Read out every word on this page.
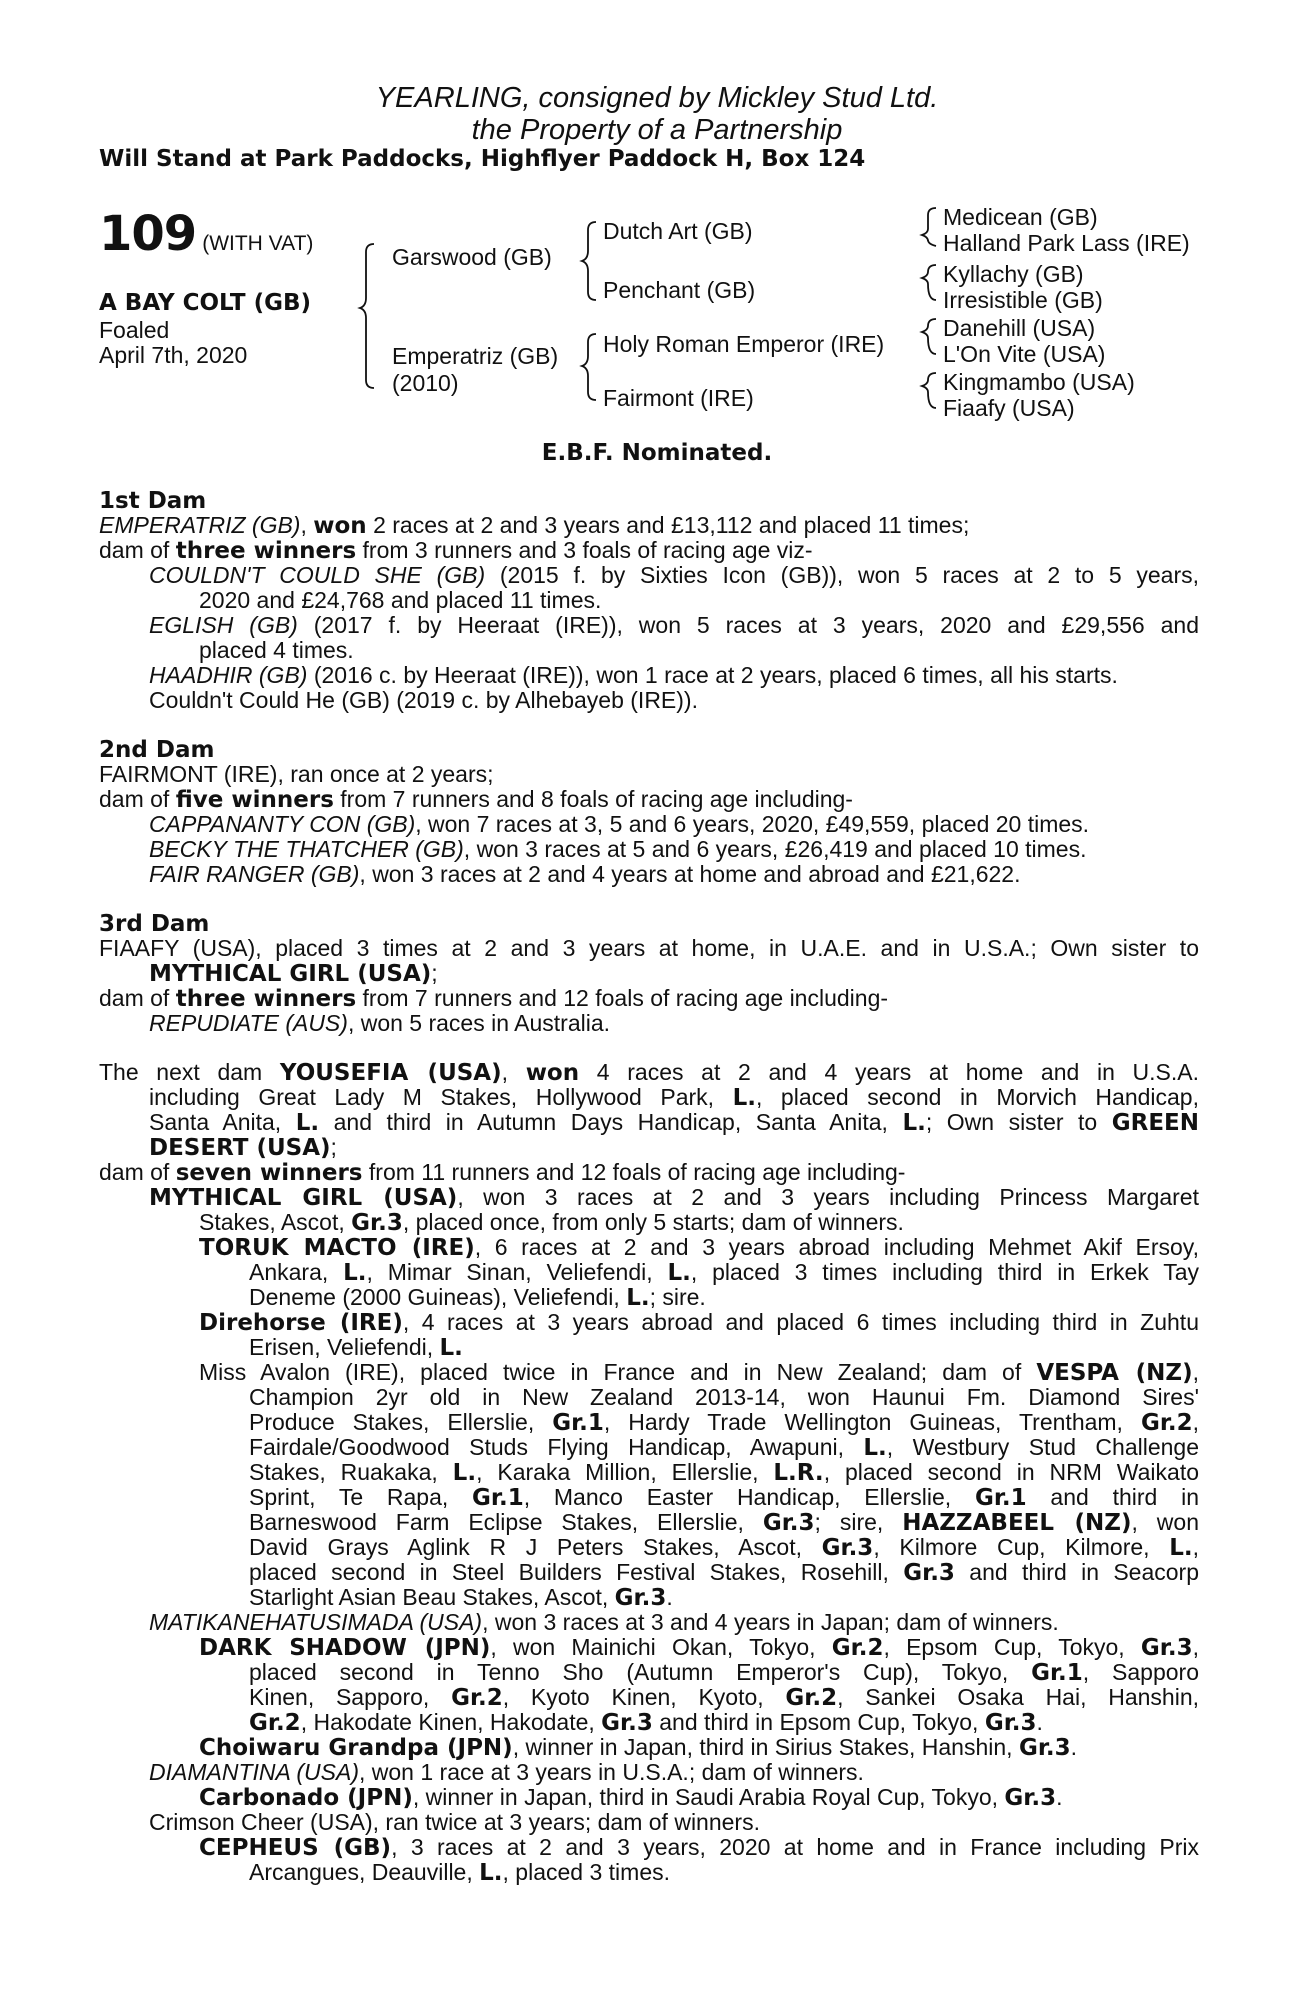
YEARLING, consigned by Mickley Stud Ltd.
the Property of a Partnership
Will Stand at Park Paddocks, Highflyer Paddock H, Box 124
109 (WITH VAT)
A BAY COLT (GB)
Foaled
April 7th, 2020
Garswood (GB)
Emperatriz (GB)
(2010)
Dutch Art (GB)
Penchant (GB)
Holy Roman Emperor (IRE)
Fairmont (IRE)
Medicean (GB)
Halland Park Lass (IRE)
Kyllachy (GB)
Irresistible (GB)
Danehill (USA)
L'On Vite (USA)
Kingmambo (USA)
Fiaafy (USA)
E.B.F. Nominated.
1st Dam
EMPERATRIZ (GB), won 2 races at 2 and 3 years and £13,112 and placed 11 times;
dam of three winners from 3 runners and 3 foals of racing age viz-
COULDN'T COULD SHE (GB) (2015 f. by Sixties Icon (GB)), won 5 races at 2 to 5 years,
2020 and £24,768 and placed 11 times.
EGLISH (GB) (2017 f. by Heeraat (IRE)), won 5 races at 3 years, 2020 and £29,556 and
placed 4 times.
HAADHIR (GB) (2016 c. by Heeraat (IRE)), won 1 race at 2 years, placed 6 times, all his starts.
Couldn't Could He (GB) (2019 c. by Alhebayeb (IRE)).
2nd Dam
FAIRMONT (IRE), ran once at 2 years;
dam of five winners from 7 runners and 8 foals of racing age including-
CAPPANANTY CON (GB), won 7 races at 3, 5 and 6 years, 2020, £49,559, placed 20 times.
BECKY THE THATCHER (GB), won 3 races at 5 and 6 years, £26,419 and placed 10 times.
FAIR RANGER (GB), won 3 races at 2 and 4 years at home and abroad and £21,622.
3rd Dam
FIAAFY (USA), placed 3 times at 2 and 3 years at home, in U.A.E. and in U.S.A.; Own sister to
MYTHICAL GIRL (USA);
dam of three winners from 7 runners and 12 foals of racing age including-
REPUDIATE (AUS), won 5 races in Australia.
The next dam YOUSEFIA (USA), won 4 races at 2 and 4 years at home and in U.S.A.
including Great Lady M Stakes, Hollywood Park, L., placed second in Morvich Handicap,
Santa Anita, L. and third in Autumn Days Handicap, Santa Anita, L.; Own sister to GREEN
DESERT (USA);
dam of seven winners from 11 runners and 12 foals of racing age including-
MYTHICAL GIRL (USA), won 3 races at 2 and 3 years including Princess Margaret
Stakes, Ascot, Gr.3, placed once, from only 5 starts; dam of winners.
TORUK MACTO (IRE), 6 races at 2 and 3 years abroad including Mehmet Akif Ersoy,
Ankara, L., Mimar Sinan, Veliefendi, L., placed 3 times including third in Erkek Tay
Deneme (2000 Guineas), Veliefendi, L.; sire.
Direhorse (IRE), 4 races at 3 years abroad and placed 6 times including third in Zuhtu
Erisen, Veliefendi, L.
Miss Avalon (IRE), placed twice in France and in New Zealand; dam of VESPA (NZ),
Champion 2yr old in New Zealand 2013-14, won Haunui Fm. Diamond Sires'
Produce Stakes, Ellerslie, Gr.1, Hardy Trade Wellington Guineas, Trentham, Gr.2,
Fairdale/Goodwood Studs Flying Handicap, Awapuni, L., Westbury Stud Challenge
Stakes, Ruakaka, L., Karaka Million, Ellerslie, L.R., placed second in NRM Waikato
Sprint, Te Rapa, Gr.1, Manco Easter Handicap, Ellerslie, Gr.1 and third in
Barneswood Farm Eclipse Stakes, Ellerslie, Gr.3; sire, HAZZABEEL (NZ), won
David Grays Aglink R J Peters Stakes, Ascot, Gr.3, Kilmore Cup, Kilmore, L.,
placed second in Steel Builders Festival Stakes, Rosehill, Gr.3 and third in Seacorp
Starlight Asian Beau Stakes, Ascot, Gr.3.
MATIKANEHATUSIMADA (USA), won 3 races at 3 and 4 years in Japan; dam of winners.
DARK SHADOW (JPN), won Mainichi Okan, Tokyo, Gr.2, Epsom Cup, Tokyo, Gr.3,
placed second in Tenno Sho (Autumn Emperor's Cup), Tokyo, Gr.1, Sapporo
Kinen, Sapporo, Gr.2, Kyoto Kinen, Kyoto, Gr.2, Sankei Osaka Hai, Hanshin,
Gr.2, Hakodate Kinen, Hakodate, Gr.3 and third in Epsom Cup, Tokyo, Gr.3.
Choiwaru Grandpa (JPN), winner in Japan, third in Sirius Stakes, Hanshin, Gr.3.
DIAMANTINA (USA), won 1 race at 3 years in U.S.A.; dam of winners.
Carbonado (JPN), winner in Japan, third in Saudi Arabia Royal Cup, Tokyo, Gr.3.
Crimson Cheer (USA), ran twice at 3 years; dam of winners.
CEPHEUS (GB), 3 races at 2 and 3 years, 2020 at home and in France including Prix
Arcangues, Deauville, L., placed 3 times.
